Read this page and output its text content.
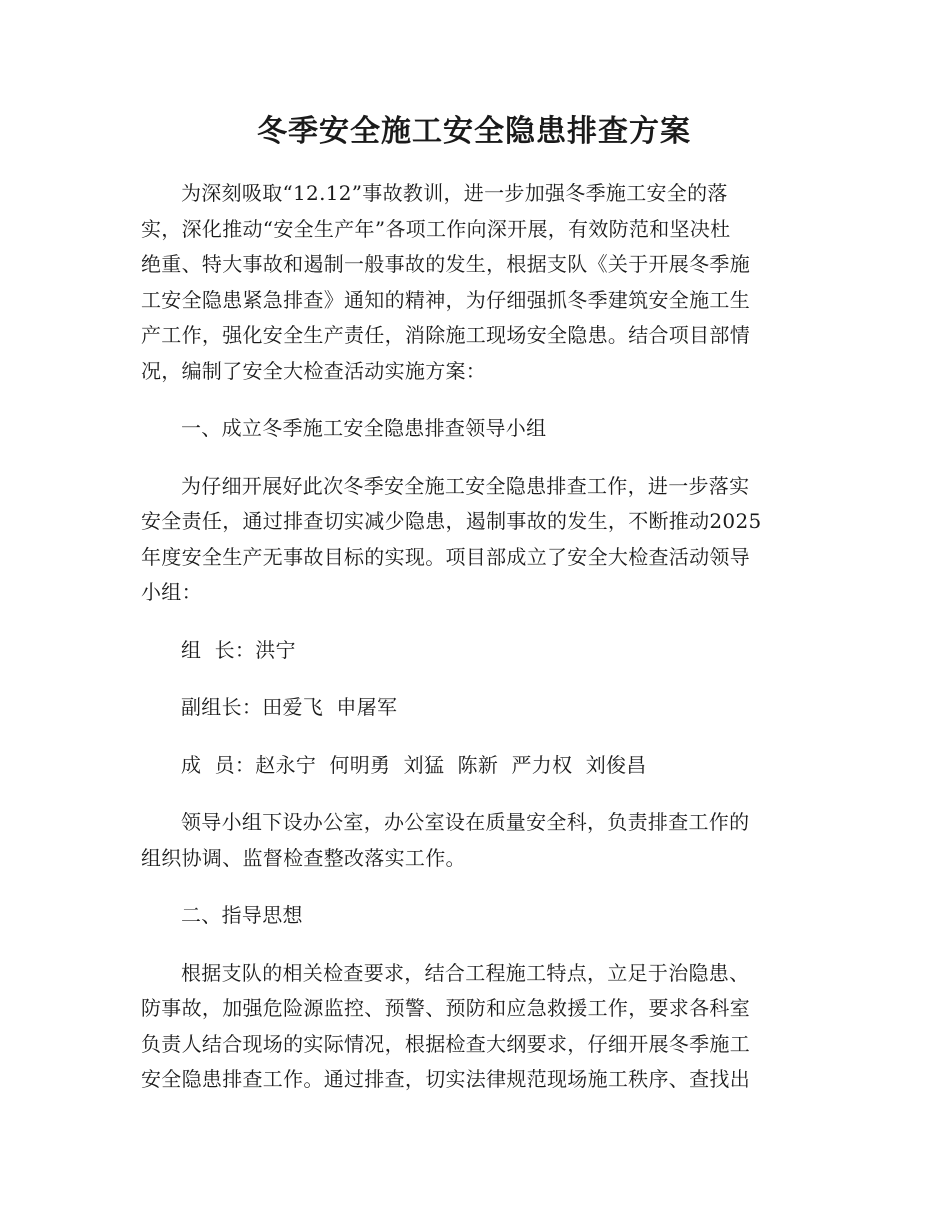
冬季安全施工安全隐患排查方案
为深刻吸取“12.12”事故教训，进一步加强冬季施工安全的落
实，深化推动“安全生产年”各项工作向深开展，有效防范和坚决杜
绝重、特大事故和遏制一般事故的发生，根据支队《关于开展冬季施
工安全隐患紧急排查》通知的精神，为仔细强抓冬季建筑安全施工生
产工作，强化安全生产责任，消除施工现场安全隐患。结合项目部情
况，编制了安全大检查活动实施方案：
一、成立冬季施工安全隐患排查领导小组
为仔细开展好此次冬季安全施工安全隐患排查工作，进一步落实
安全责任，通过排查切实减少隐患，遏制事故的发生，不断推动2025
年度安全生产无事故目标的实现。项目部成立了安全大检查活动领导
小组：
组  长：洪宁
副组长：田爱飞  申屠军
成  员：赵永宁  何明勇  刘猛  陈新  严力权  刘俊昌
领导小组下设办公室，办公室设在质量安全科，负责排查工作的
组织协调、监督检查整改落实工作。
二、指导思想
根据支队的相关检查要求，结合工程施工特点，立足于治隐患、
防事故，加强危险源监控、预警、预防和应急救援工作，要求各科室
负责人结合现场的实际情况，根据检查大纲要求，仔细开展冬季施工
安全隐患排查工作。通过排查，切实法律规范现场施工秩序、查找出
